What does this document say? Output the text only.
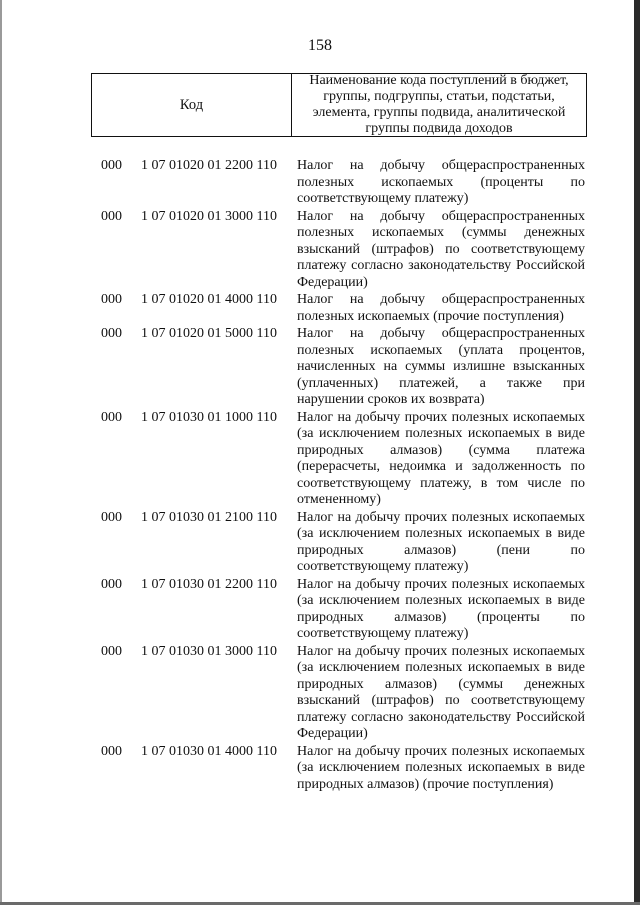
158
Код
Наименование кода поступлений в бюджет, группы, подгруппы, статьи, подстатьи, элемента, группы подвида, аналитической группы подвида доходов
000	1 07 01020 01 2200 110	Налог на добычу общераспространенных полезных ископаемых (проценты по соответствующему платежу)
000	1 07 01020 01 3000 110	Налог на добычу общераспространенных полезных ископаемых (суммы денежных взысканий (штрафов) по соответствующему платежу согласно законодательству Российской Федерации)
000	1 07 01020 01 4000 110	Налог на добычу общераспространенных полезных ископаемых (прочие поступления)
000	1 07 01020 01 5000 110	Налог на добычу общераспространенных полезных ископаемых (уплата процентов, начисленных на суммы излишне взысканных (уплаченных) платежей, а также при нарушении сроков их возврата)
000	1 07 01030 01 1000 110	Налог на добычу прочих полезных ископаемых (за исключением полезных ископаемых в виде природных алмазов) (сумма платежа (перерасчеты, недоимка и задолженность по соответствующему платежу, в том числе по отмененному)
000	1 07 01030 01 2100 110	Налог на добычу прочих полезных ископаемых (за исключением полезных ископаемых в виде природных алмазов) (пени по соответствующему платежу)
000	1 07 01030 01 2200 110	Налог на добычу прочих полезных ископаемых (за исключением полезных ископаемых в виде природных алмазов) (проценты по соответствующему платежу)
000	1 07 01030 01 3000 110	Налог на добычу прочих полезных ископаемых (за исключением полезных ископаемых в виде природных алмазов) (суммы денежных взысканий (штрафов) по соответствующему платежу согласно законодательству Российской Федерации)
000	1 07 01030 01 4000 110	Налог на добычу прочих полезных ископаемых (за исключением полезных ископаемых в виде природных алмазов) (прочие поступления)
